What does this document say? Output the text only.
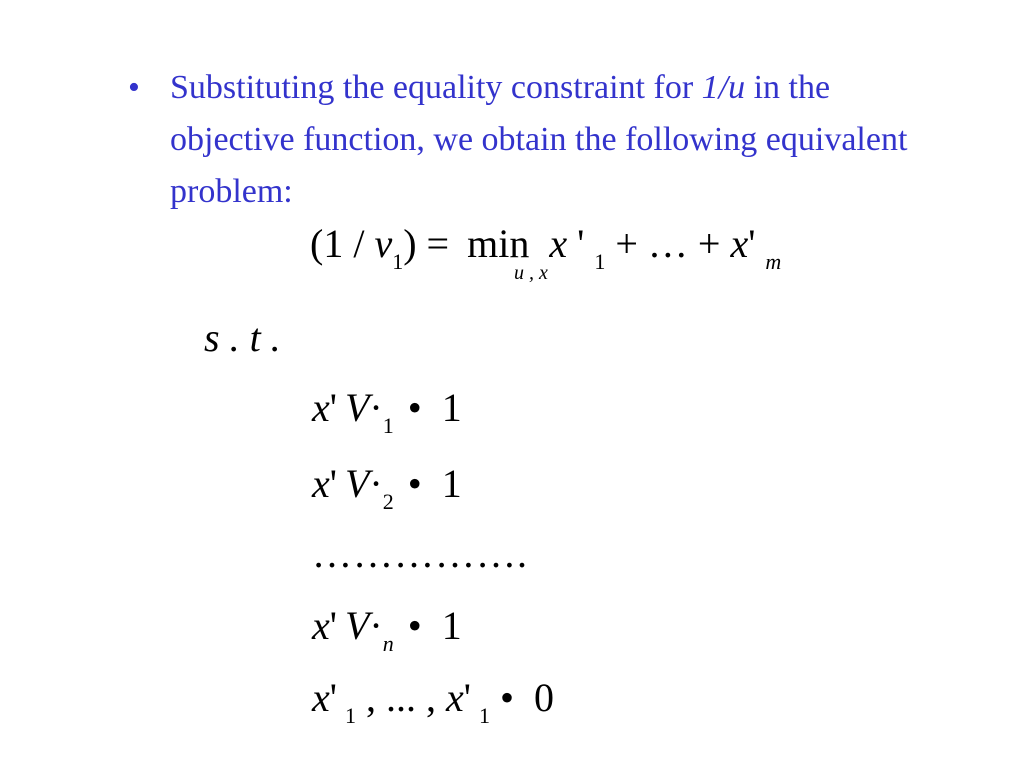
• Substituting the equality constraint for 1/u in the objective function, we obtain the following equivalent problem:
$(1 / v_1) = \min x$ ' $_1$ + … + x' $_m$
u , x
s . t .
x' $V\cdot_1$ • 1
x' $V\cdot_2$ • 1
…………….
x' $V\cdot_n$ • 1
x' $_1$ , ... , x' $_1$ • 0
